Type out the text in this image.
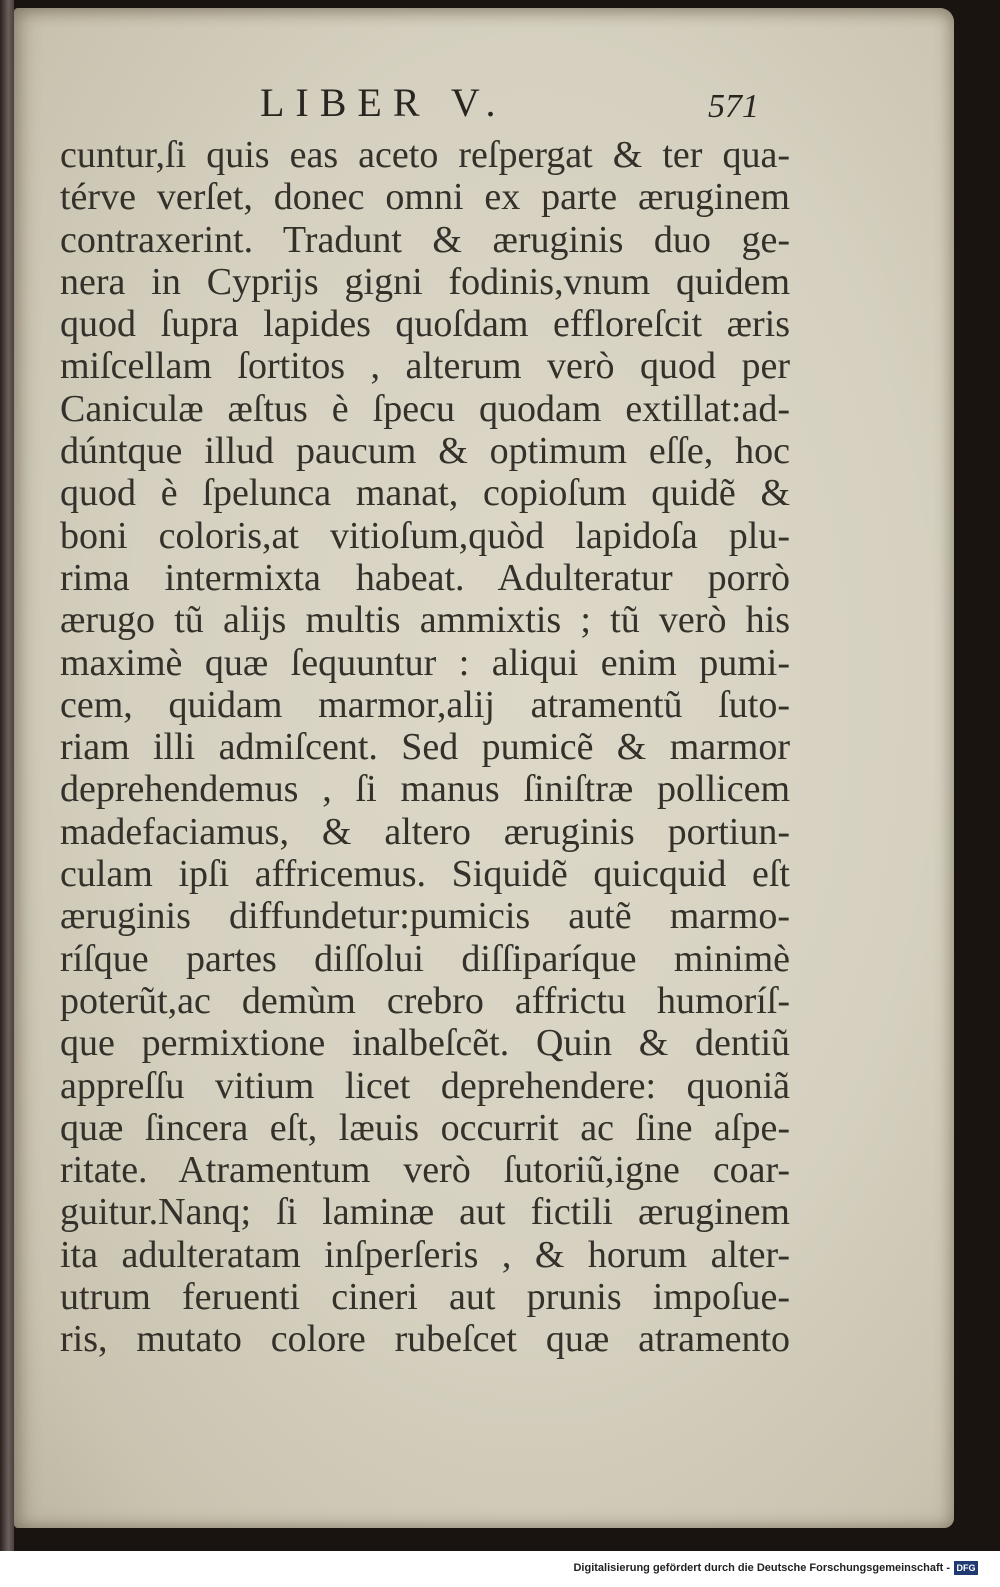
LIBER V.	571
cuntur,ſi quis eas aceto reſpergat & ter qua-
térve verſet, donec omni ex parte æruginem
contraxerint. Tradunt & æruginis duo ge-
nera in Cyprijs gigni fodinis,vnum quidem
quod ſupra lapides quoſdam effloreſcit æris
miſcellam ſortitos , alterum verò quod per
Caniculæ æſtus è ſpecu quodam extillat:ad-
dúntque illud paucum & optimum eſſe, hoc
quod è ſpelunca manat, copioſum quidẽ &
boni coloris,at vitioſum,quòd lapidoſa plu-
rima intermixta habeat. Adulteratur porrò
ærugo tũ alijs multis ammixtis ; tũ verò his
maximè quæ ſequuntur : aliqui enim pumi-
cem, quidam marmor,alij atramentũ ſuto-
riam illi admiſcent. Sed pumicẽ & marmor
deprehendemus , ſi manus ſiniſtræ pollicem
madefaciamus, & altero æruginis portiun-
culam ipſi affricemus. Siquidẽ quicquid eſt
æruginis diffundetur:pumicis autẽ marmo-
ríſque partes diſſolui diſſiparíque minimè
poterũt,ac demùm crebro affrictu humoríſ-
que permixtione inalbeſcẽt. Quin & dentiũ
appreſſu vitium licet deprehendere: quoniã
quæ ſincera eſt, læuis occurrit ac ſine aſpe-
ritate. Atramentum verò ſutoriũ,igne coar-
guitur.Nanq; ſi laminæ aut fictili æruginem
ita adulteratam inſperſeris , & horum alter-
utrum feruenti cineri aut prunis impoſue-
ris, mutato colore rubeſcet quæ atramento
Digitalisierung gefördert durch die Deutsche Forschungsgemeinschaft - DFG
